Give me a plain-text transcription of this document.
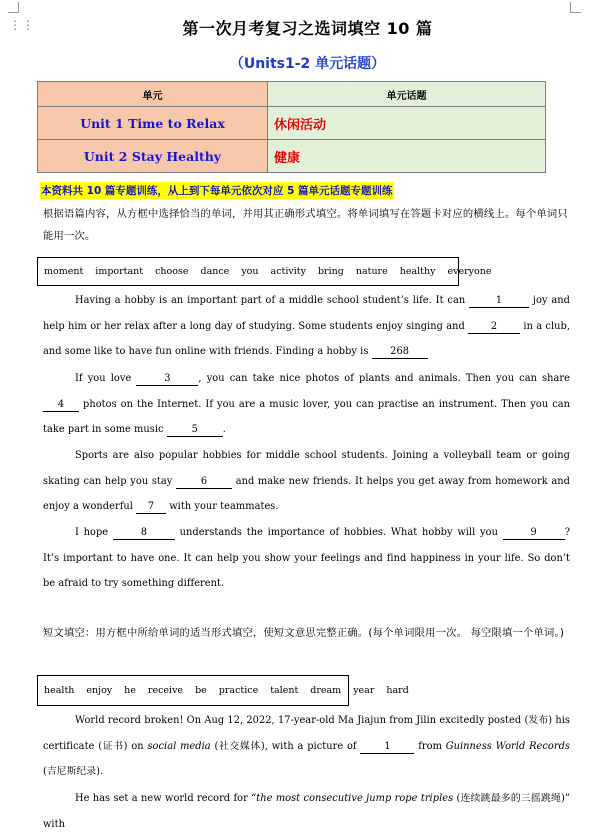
⋮⋮	第一次月考复习之选词填空 10 篇
（Units1-2 单元话题）
单元	单元话题
Unit 1 Time to Relax	休闲活动
Unit 2 Stay Healthy	健康
本资料共 10 篇专题训练，从上到下每单元依次对应 5 篇单元话题专题训练
根据语篇内容，从方框中选择恰当的单词，并用其正确形式填空。将单词填写在答题卡对应的横线上。每个单词只能用一次。
moment important choose dance you activity bring nature healthy everyone
Having a hobby is an important part of a middle school student’s life. It can	1	joy and help him or her relax after a long day of studying. Some students enjoy singing and 2 in a club, and some like to have fun online with friends. Finding a hobby is 268
If you love	3	, you can take nice photos of plants and animals. Then you can share 4 photos on the Internet. If you are a music lover, you can practise an instrument. Then you can take part in some music	5	.
Sports are also popular hobbies for middle school students. Joining a volleyball team or going skating can help you stay	6	and make new friends. It helps you get away from homework and enjoy a wonderful 7 with your teammates.
I hope	8	understands the importance of hobbies. What hobby will you	9	? It’s important to have one. It can help you show your feelings and find happiness in your life. So don’t be afraid to try something different.
短文填空：用方框中所给单词的适当形式填空，使短文意思完整正确。(每个单词限用一次。 每空限填一个单词。)
health enjoy he receive be practice talent dream year hard
World record broken! On Aug 12, 2022, 17-year-old Ma Jiajun from Jilin excitedly posted (发布) his certificate (证书) on social media (社交媒体), with a picture of 1 from Guinness World Records (吉尼斯纪录).
He has set a new world record for “the most consecutive jump rope triples (连续跳最多的三摇跳绳)” with
